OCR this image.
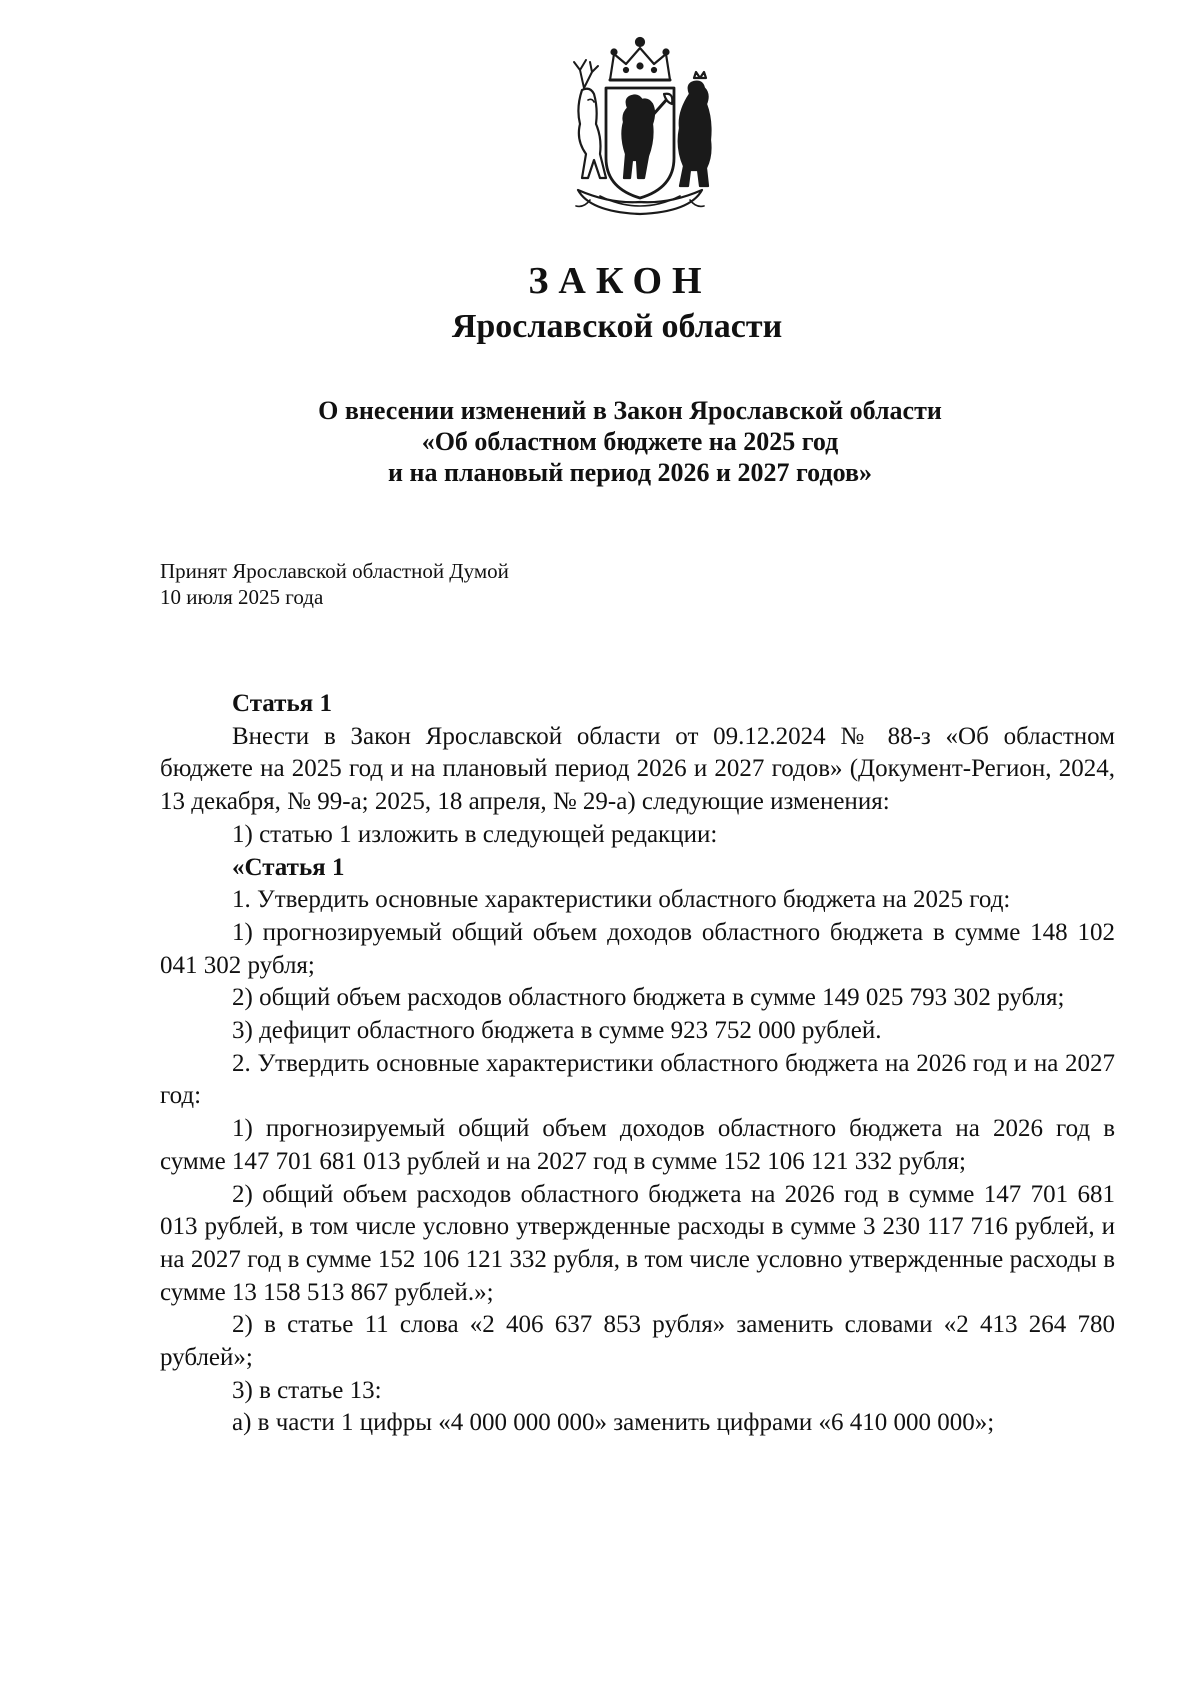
ЗАКОН
Ярославской области
О внесении изменений в Закон Ярославской области
«Об областном бюджете на 2025 год
и на плановый период 2026 и 2027 годов»
Принят Ярославской областной Думой
10 июля 2025 года

Статья 1

Внести в Закон Ярославской области от 09.12.2024 № 88-з «Об областном бюджете на 2025 год и на плановый период 2026 и 2027 годов» (Документ-Регион, 2024, 13 декабря, № 99-а; 2025, 18 апреля, № 29-а) следующие изменения:

1) статью 1 изложить в следующей редакции:

«Статья 1

1. Утвердить основные характеристики областного бюджета на 2025 год:

1) прогнозируемый общий объем доходов областного бюджета в сумме 148 102 041 302 рубля;

2) общий объем расходов областного бюджета в сумме 149 025 793 302 рубля;

3) дефицит областного бюджета в сумме 923 752 000 рублей.

2. Утвердить основные характеристики областного бюджета на 2026 год и на 2027 год:

1) прогнозируемый общий объем доходов областного бюджета на 2026 год в сумме 147 701 681 013 рублей и на 2027 год в сумме 152 106 121 332 рубля;

2) общий объем расходов областного бюджета на 2026 год в сумме 147 701 681 013 рублей, в том числе условно утвержденные расходы в сумме 3 230 117 716 рублей, и на 2027 год в сумме 152 106 121 332 рубля, в том числе условно утвержденные расходы в сумме 13 158 513 867 рублей.»;

2) в статье 11 слова «2 406 637 853 рубля» заменить словами «2 413 264 780 рублей»;

3) в статье 13:

а) в части 1 цифры «4 000 000 000» заменить цифрами «6 410 000 000»;
